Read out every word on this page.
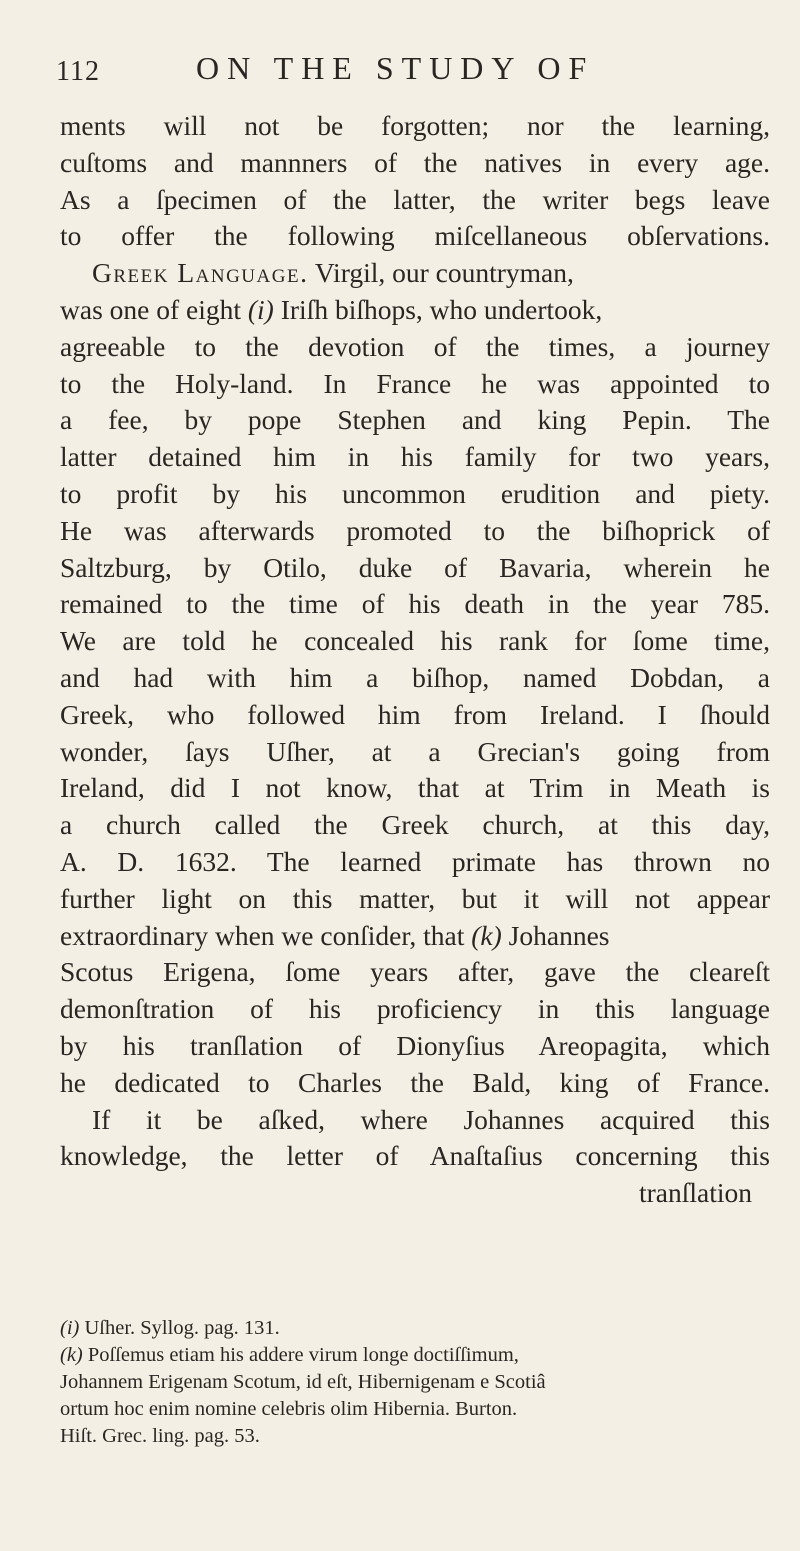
112	ON THE STUDY OF
ments will not be forgotten; nor the learning,
cuſtoms and mannners of the natives in every age.
As a ſpecimen of the latter, the writer begs leave
to offer the following miſcellaneous obſervations.
Greek Language. Virgil, our countryman,
was one of eight (i) Iriſh biſhops, who undertook,
agreeable to the devotion of the times, a journey
to the Holy-land. In France he was appointed to
a fee, by pope Stephen and king Pepin. The
latter detained him in his family for two years,
to profit by his uncommon erudition and piety.
He was afterwards promoted to the biſhoprick of
Saltzburg, by Otilo, duke of Bavaria, wherein he
remained to the time of his death in the year 785.
We are told he concealed his rank for ſome time,
and had with him a biſhop, named Dobdan, a
Greek, who followed him from Ireland. I ſhould
wonder, ſays Uſher, at a Grecian's going from
Ireland, did I not know, that at Trim in Meath is
a church called the Greek church, at this day,
A. D. 1632. The learned primate has thrown no
further light on this matter, but it will not appear
extraordinary when we conſider, that (k) Johannes
Scotus Erigena, ſome years after, gave the cleareſt
demonſtration of his proficiency in this language
by his tranſlation of Dionyſius Areopagita, which
he dedicated to Charles the Bald, king of France.
If it be aſked, where Johannes acquired this
knowledge, the letter of Anaſtaſius concerning this
tranſlation
(i) Uſher. Syllog. pag. 131.
(k) Poſſemus etiam his addere virum longe doctiſſimum,
Johannem Erigenam Scotum, id eſt, Hibernigenam e Scotiâ
ortum hoc enim nomine celebris olim Hibernia. Burton.
Hiſt. Grec. ling. pag. 53.
